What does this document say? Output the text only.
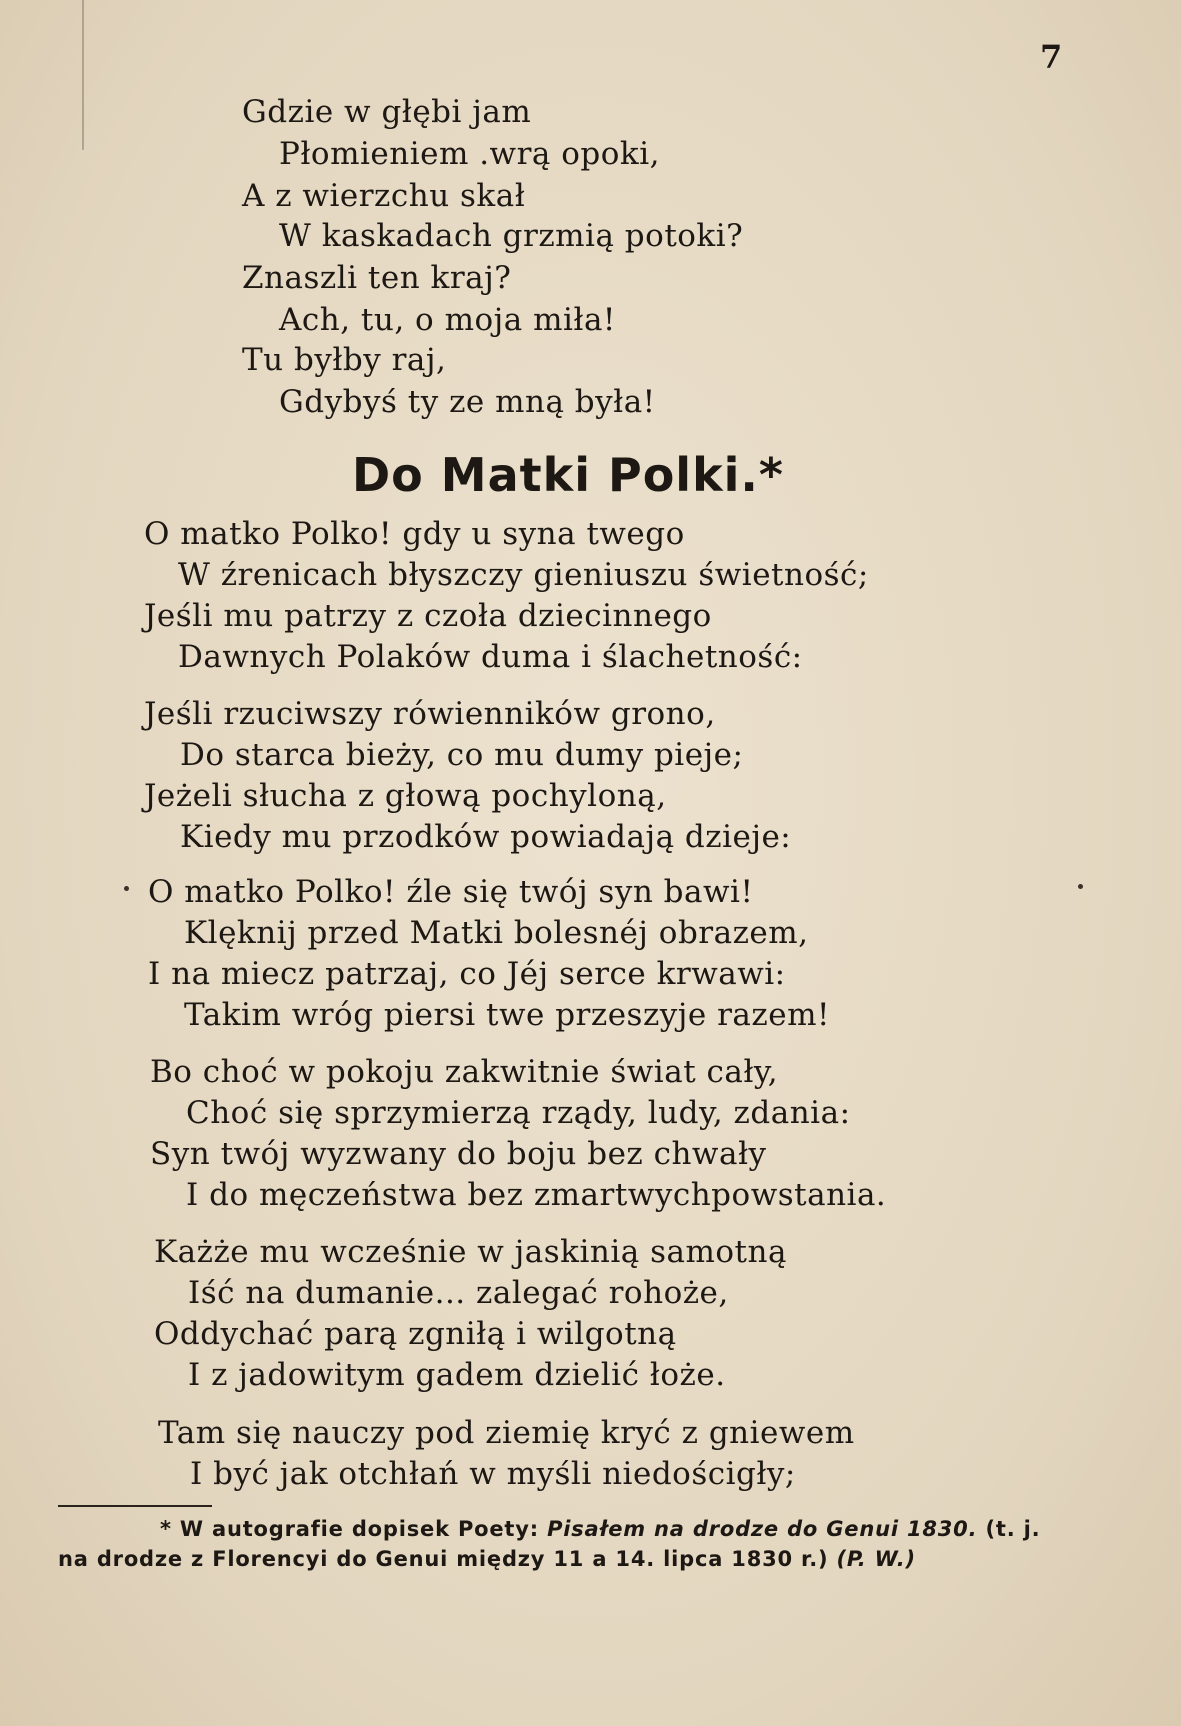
7
Gdzie w głębi jam
Płomieniem .wrą opoki,
A z wierzchu skał
W kaskadach grzmią potoki?
Znaszli ten kraj?
Ach, tu, o moja miła!
Tu byłby raj,
Gdybyś ty ze mną była!
Do Matki Polki.*
O matko Polko! gdy u syna twego
W źrenicach błyszczy gieniuszu świetność;
Jeśli mu patrzy z czoła dziecinnego
Dawnych Polaków duma i ślachetność:
Jeśli rzuciwszy rówienników grono,
Do starca bieży, co mu dumy pieje;
Jeżeli słucha z głową pochyloną,
Kiedy mu przodków powiadają dzieje:
O matko Polko! źle się twój syn bawi!
Klęknij przed Matki bolesnéj obrazem,
I na miecz patrzaj, co Jéj serce krwawi:
Takim wróg piersi twe przeszyje razem!
Bo choć w pokoju zakwitnie świat cały,
Choć się sprzymierzą rządy, ludy, zdania:
Syn twój wyzwany do boju bez chwały
I do męczeństwa bez zmartwychpowstania.
Każże mu wcześnie w jaskinią samotną
Iść na dumanie... zalegać rohoże,
Oddychać parą zgniłą i wilgotną
I z jadowitym gadem dzielić łoże.
Tam się nauczy pod ziemię kryć z gniewem
I być jak otchłań w myśli niedościgły;
* W autografie dopisek Poety: Pisałem na drodze do Genui 1830. (t. j.
na drodze z Florencyi do Genui między 11 a 14. lipca 1830 r.) (P. W.)
